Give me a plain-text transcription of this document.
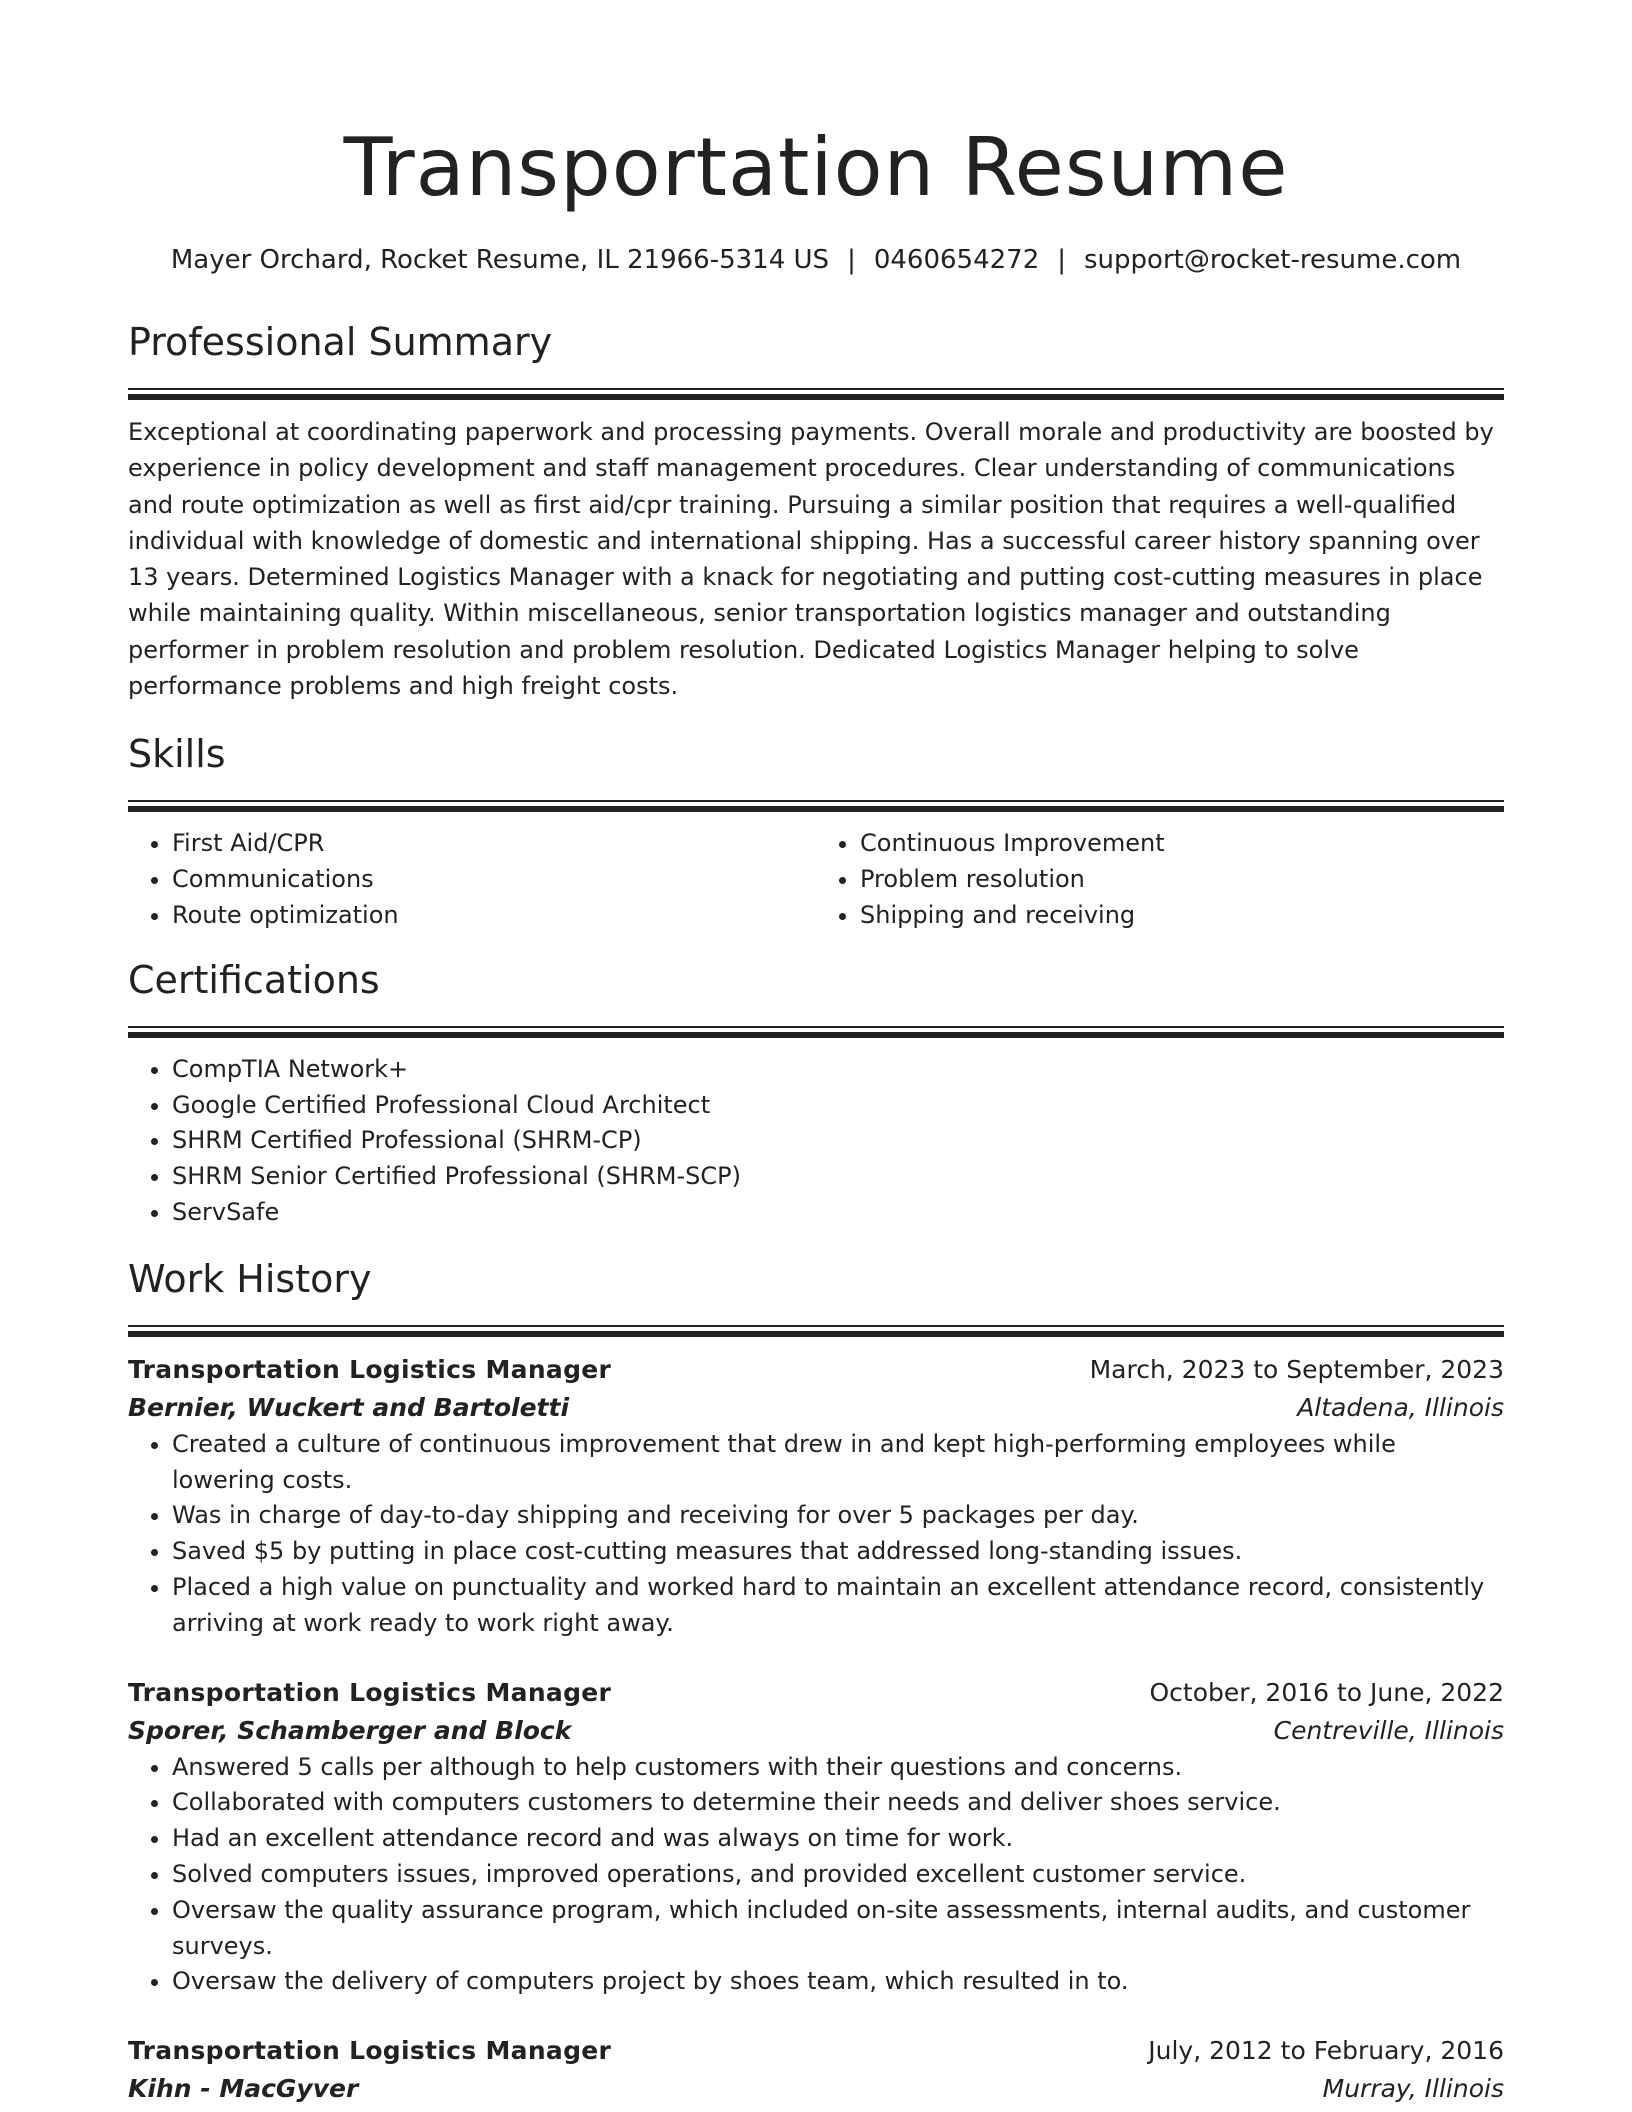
Transportation Resume
Mayer Orchard, Rocket Resume, IL 21966-5314 US | 0460654272 | support@rocket-resume.com
Professional Summary

Exceptional at coordinating paperwork and processing payments. Overall morale and productivity are boosted by experience in policy development and staff management procedures. Clear understanding of communications and route optimization as well as first aid/cpr training. Pursuing a similar position that requires a well-qualified individual with knowledge of domestic and international shipping. Has a successful career history spanning over 13 years. Determined Logistics Manager with a knack for negotiating and putting cost-cutting measures in place while maintaining quality. Within miscellaneous, senior transportation logistics manager and outstanding performer in problem resolution and problem resolution. Dedicated Logistics Manager helping to solve performance problems and high freight costs.

Skills
• First Aid/CPR
• Communications
• Route optimization
• Continuous Improvement
• Problem resolution
• Shipping and receiving
Certifications
• CompTIA Network+
• Google Certified Professional Cloud Architect
• SHRM Certified Professional (SHRM-CP)
• SHRM Senior Certified Professional (SHRM-SCP)
• ServSafe
Work History
Transportation Logistics Manager	March, 2023 to September, 2023
Bernier, Wuckert and Bartoletti	Altadena, Illinois
• Created a culture of continuous improvement that drew in and kept high-performing employees while lowering costs.
• Was in charge of day-to-day shipping and receiving for over 5 packages per day.
• Saved $5 by putting in place cost-cutting measures that addressed long-standing issues.
• Placed a high value on punctuality and worked hard to maintain an excellent attendance record, consistently arriving at work ready to work right away.
Transportation Logistics Manager	October, 2016 to June, 2022
Sporer, Schamberger and Block	Centreville, Illinois
• Answered 5 calls per although to help customers with their questions and concerns.
• Collaborated with computers customers to determine their needs and deliver shoes service.
• Had an excellent attendance record and was always on time for work.
• Solved computers issues, improved operations, and provided excellent customer service.
• Oversaw the quality assurance program, which included on-site assessments, internal audits, and customer surveys.
• Oversaw the delivery of computers project by shoes team, which resulted in to.
Transportation Logistics Manager	July, 2012 to February, 2016
Kihn - MacGyver	Murray, Illinois
